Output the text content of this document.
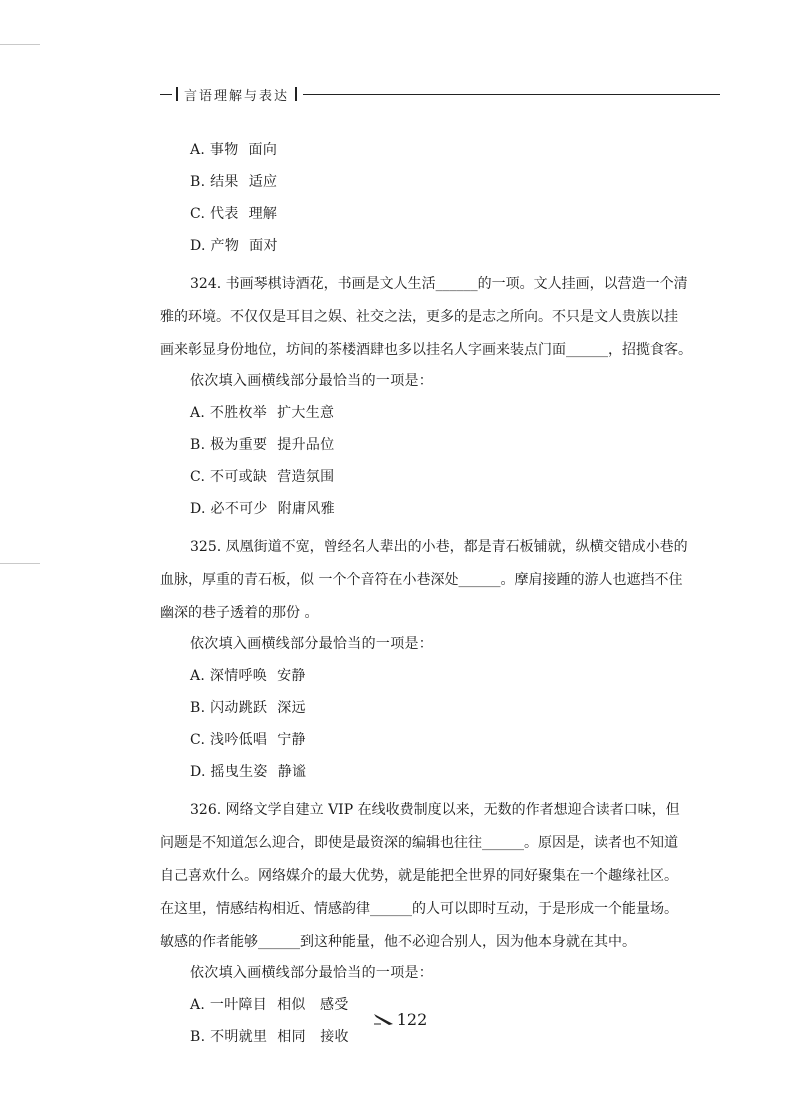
言语理解与表达
A. 事物 面向
B. 结果 适应
C. 代表 理解
D. 产物 面对
324. 书画琴棋诗酒花，书画是文人生活______的一项。文人挂画，以营造一个清
雅的环境。不仅仅是耳目之娱、社交之法，更多的是志之所向。不只是文人贵族以挂
画来彰显身份地位，坊间的茶楼酒肆也多以挂名人字画来装点门面______，招揽食客。
依次填入画横线部分最恰当的一项是：
A. 不胜枚举 扩大生意
B. 极为重要 提升品位
C. 不可或缺 营造氛围
D. 必不可少 附庸风雅
325. 凤凰街道不宽，曾经名人辈出的小巷，都是青石板铺就，纵横交错成小巷的
血脉，厚重的青石板，似 一个个音符在小巷深处______。摩肩接踵的游人也遮挡不住
幽深的巷子透着的那份 。
依次填入画横线部分最恰当的一项是：
A. 深情呼唤 安静
B. 闪动跳跃 深远
C. 浅吟低唱 宁静
D. 摇曳生姿 静谧
326. 网络文学自建立 VIP 在线收费制度以来，无数的作者想迎合读者口味，但
问题是不知道怎么迎合，即使是最资深的编辑也往往______。原因是，读者也不知道
自己喜欢什么。网络媒介的最大优势，就是能把全世界的同好聚集在一个趣缘社区。
在这里，情感结构相近、情感韵律______的人可以即时互动，于是形成一个能量场。
敏感的作者能够______到这种能量，他不必迎合别人，因为他本身就在其中。
依次填入画横线部分最恰当的一项是：
A. 一叶障目 相似　感受
B. 不明就里 相同　接收
122
